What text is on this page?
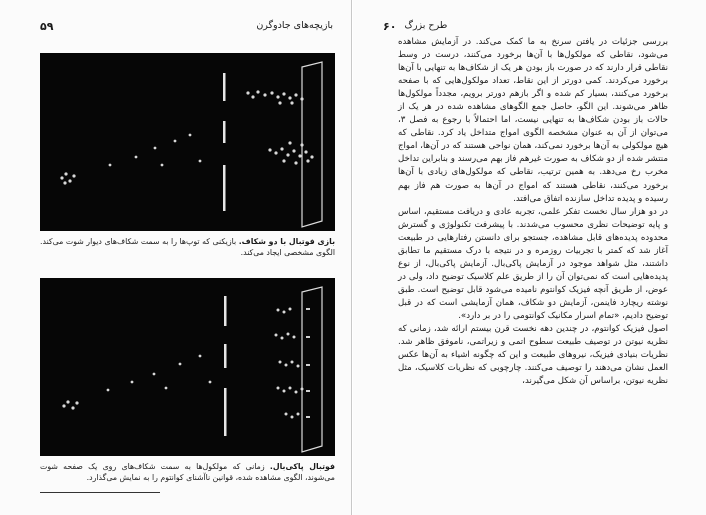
بازیچه‌های جادوگرن
۵۹
بازی فوتبال با دو شکاف. بازیکنی که توپ‌ها را به سمت شکاف‌های دیوار شوت می‌کند. الگوی مشخصی ایجاد می‌کند.
فوتبال پاکی‌بال. زمانی که مولکول‌ها به سمت شکاف‌های روی یک صفحه شوت می‌شوند، الگوی مشاهده شده، قوانین ناآشنای کوانتوم را به نمایش می‌گذارد.
۶۰ طرح بزرگ

بررسی جزئیات در یافتن سرنخ به ما کمک می‌کند. در آزمایش مشاهده می‌شود، نقاطی که مولکول‌ها با آن‌ها برخورد می‌کنند، درست در وسط نقاطی قرار دارند که در صورت باز بودن هر یک از شکاف‌ها به تنهایی با آن‌ها برخورد می‌کردند. کمی دورتر از این نقاط، تعداد مولکول‌هایی که با صفحه برخورد می‌کنند، بسیار کم شده و اگر بازهم دورتر برویم، مجدداً مولکول‌ها ظاهر می‌شوند. این الگو، حاصل جمع الگوهای مشاهده شده در هر یک از حالات باز بودن شکاف‌ها به تنهایی نیست، اما احتمالاً با رجوع به فصل ۳، می‌توان از آن به عنوان مشخصه الگوی امواج متداخل یاد کرد. نقاطی که هیچ مولکولی به آن‌ها برخورد نمی‌کند، همان نواحی هستند که در آن‌ها، امواج منتشر شده از دو شکاف به صورت غیرهم فاز بهم می‌رسند و بنابراین تداخل مخرب رخ می‌دهد. به همین ترتیب، نقاطی که مولکول‌های زیادی با آن‌ها برخورد می‌کنند، نقاطی هستند که امواج در آن‌ها به صورت هم فاز بهم رسیده و پدیده تداخل سازنده اتفاق می‌افتد.

در دو هزار سال نخست تفکر علمی، تجربه عادی و دریافت مستقیم، اساس و پایه توضیحات نظری محسوب می‌شدند. با پیشرفت تکنولوژی و گسترش محدوده پدیده‌های قابل مشاهده، جستجو برای دانستن رفتارهایی در طبیعت آغاز شد که کمتر با تجربیات روزمره و در نتیجه با درک مستقیم ما تطابق داشتند، مثل شواهد موجود در آزمایش پاکی‌بال. آزمایش پاکی‌بال، از نوع پدیده‌هایی است که نمی‌توان آن را از طریق علم کلاسیک توضیح داد، ولی در عوض، از طریق آنچه فیزیک کوانتوم نامیده می‌شود قابل توضیح است. طبق نوشته ریچارد فاینمن، آزمایش دو شکاف، همان آزمایشی است که در قبل توضیح دادیم، «تمام اسرار مکانیک کوانتومی را در بر دارد».

اصول فیزیک کوانتوم، در چندین دهه نخست قرن بیستم ارائه شد، زمانی که نظریه نیوتن در توصیف طبیعت سطوح اتمی و زیراتمی، ناموفق ظاهر شد. نظریات بنیادی فیزیک، نیروهای طبیعت و این که چگونه اشیاء به آن‌ها عکس العمل نشان می‌دهند را توصیف می‌کنند. چارچوبی که نظریات کلاسیک، مثل نظریه نیوتن، براساس آن شکل می‌گیرند،
